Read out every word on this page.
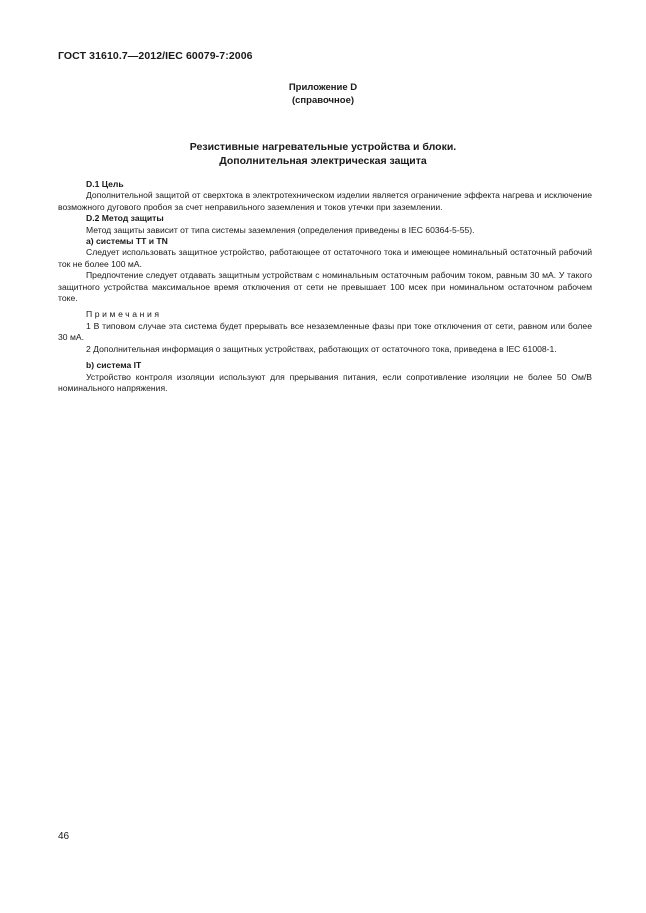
ГОСТ 31610.7—2012/IEC 60079-7:2006
Приложение D
(справочное)
Резистивные нагревательные устройства и блоки.
Дополнительная электрическая защита

D.1 Цель

Дополнительной защитой от сверхтока в электротехническом изделии является ограничение эффекта нагрева и исключение возможного дугового пробоя за счет неправильного заземления и токов утечки при заземлении.

D.2 Метод защиты

Метод защиты зависит от типа системы заземления (определения приведены в IEC 60364-5-55).

а) системы ТТ и TN

Следует использовать защитное устройство, работающее от остаточного тока и имеющее номинальный остаточный рабочий ток не более 100 мА.

Предпочтение следует отдавать защитным устройствам с номинальным остаточным рабочим током, равным 30 мА. У такого защитного устройства максимальное время отключения от сети не превышает 100 мсек при номинальном остаточном рабочем токе.

Примечания

1 В типовом случае эта система будет прерывать все незаземленные фазы при токе отключения от сети, равном или более 30 мА.

2 Дополнительная информация о защитных устройствах, работающих от остаточного тока, приведена в IEC 61008-1.

b) система IT

Устройство контроля изоляции используют для прерывания питания, если сопротивление изоляции не более 50 Ом/В номинального напряжения.

46
